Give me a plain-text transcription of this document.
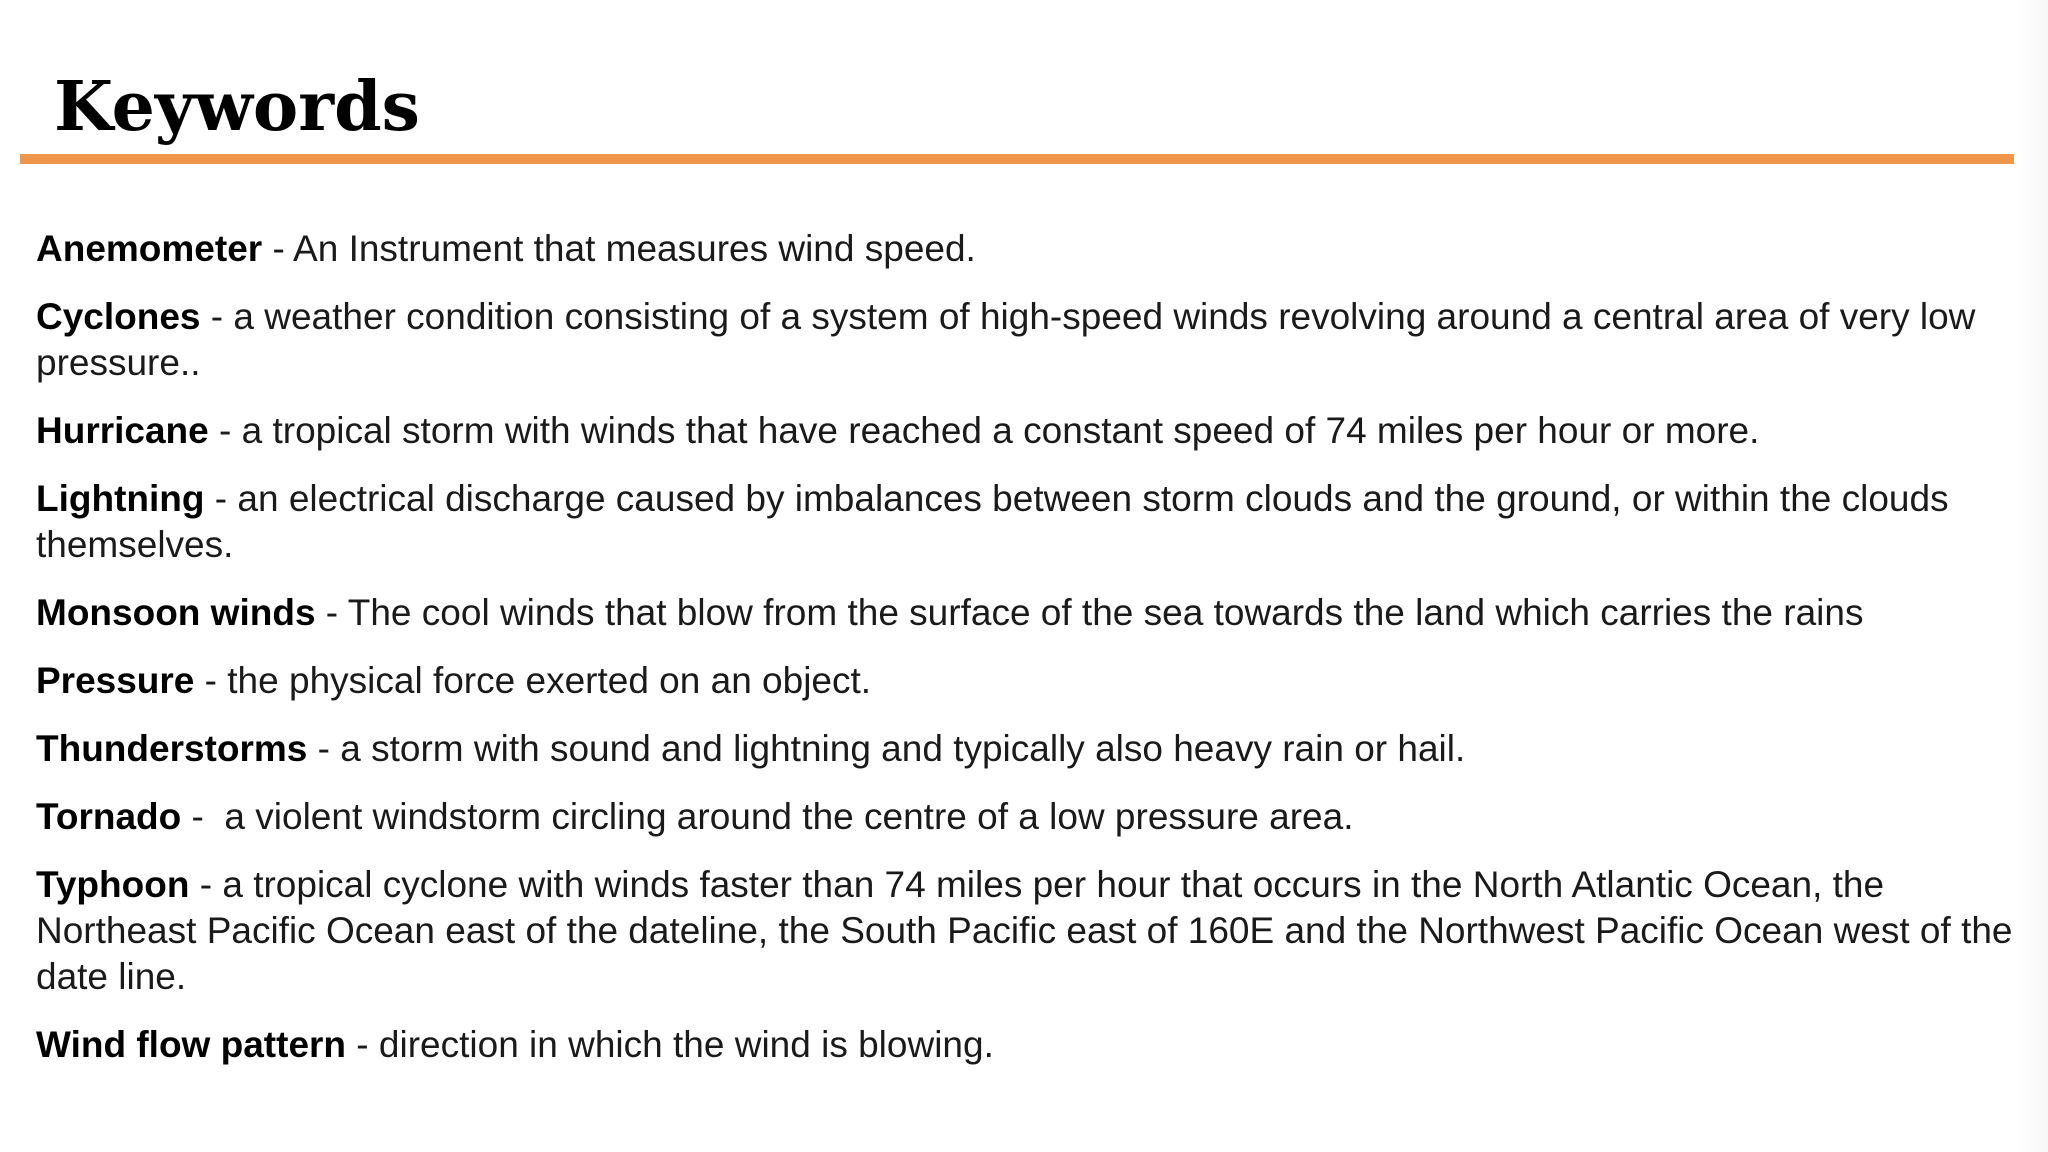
Keywords

Anemometer - An Instrument that measures wind speed.

Cyclones - a weather condition consisting of a system of high-speed winds revolving around a central area of very low pressure..

Hurricane - a tropical storm with winds that have reached a constant speed of 74 miles per hour or more.

Lightning - an electrical discharge caused by imbalances between storm clouds and the ground, or within the clouds themselves.

Monsoon winds - The cool winds that blow from the surface of the sea towards the land which carries the rains

Pressure - the physical force exerted on an object.

Thunderstorms - a storm with sound and lightning and typically also heavy rain or hail.

Tornado -  a violent windstorm circling around the centre of a low pressure area.

Typhoon - a tropical cyclone with winds faster than 74 miles per hour that occurs in the North Atlantic Ocean, the Northeast Pacific Ocean east of the dateline, the South Pacific east of 160E and the Northwest Pacific Ocean west of the date line.

Wind flow pattern - direction in which the wind is blowing.
